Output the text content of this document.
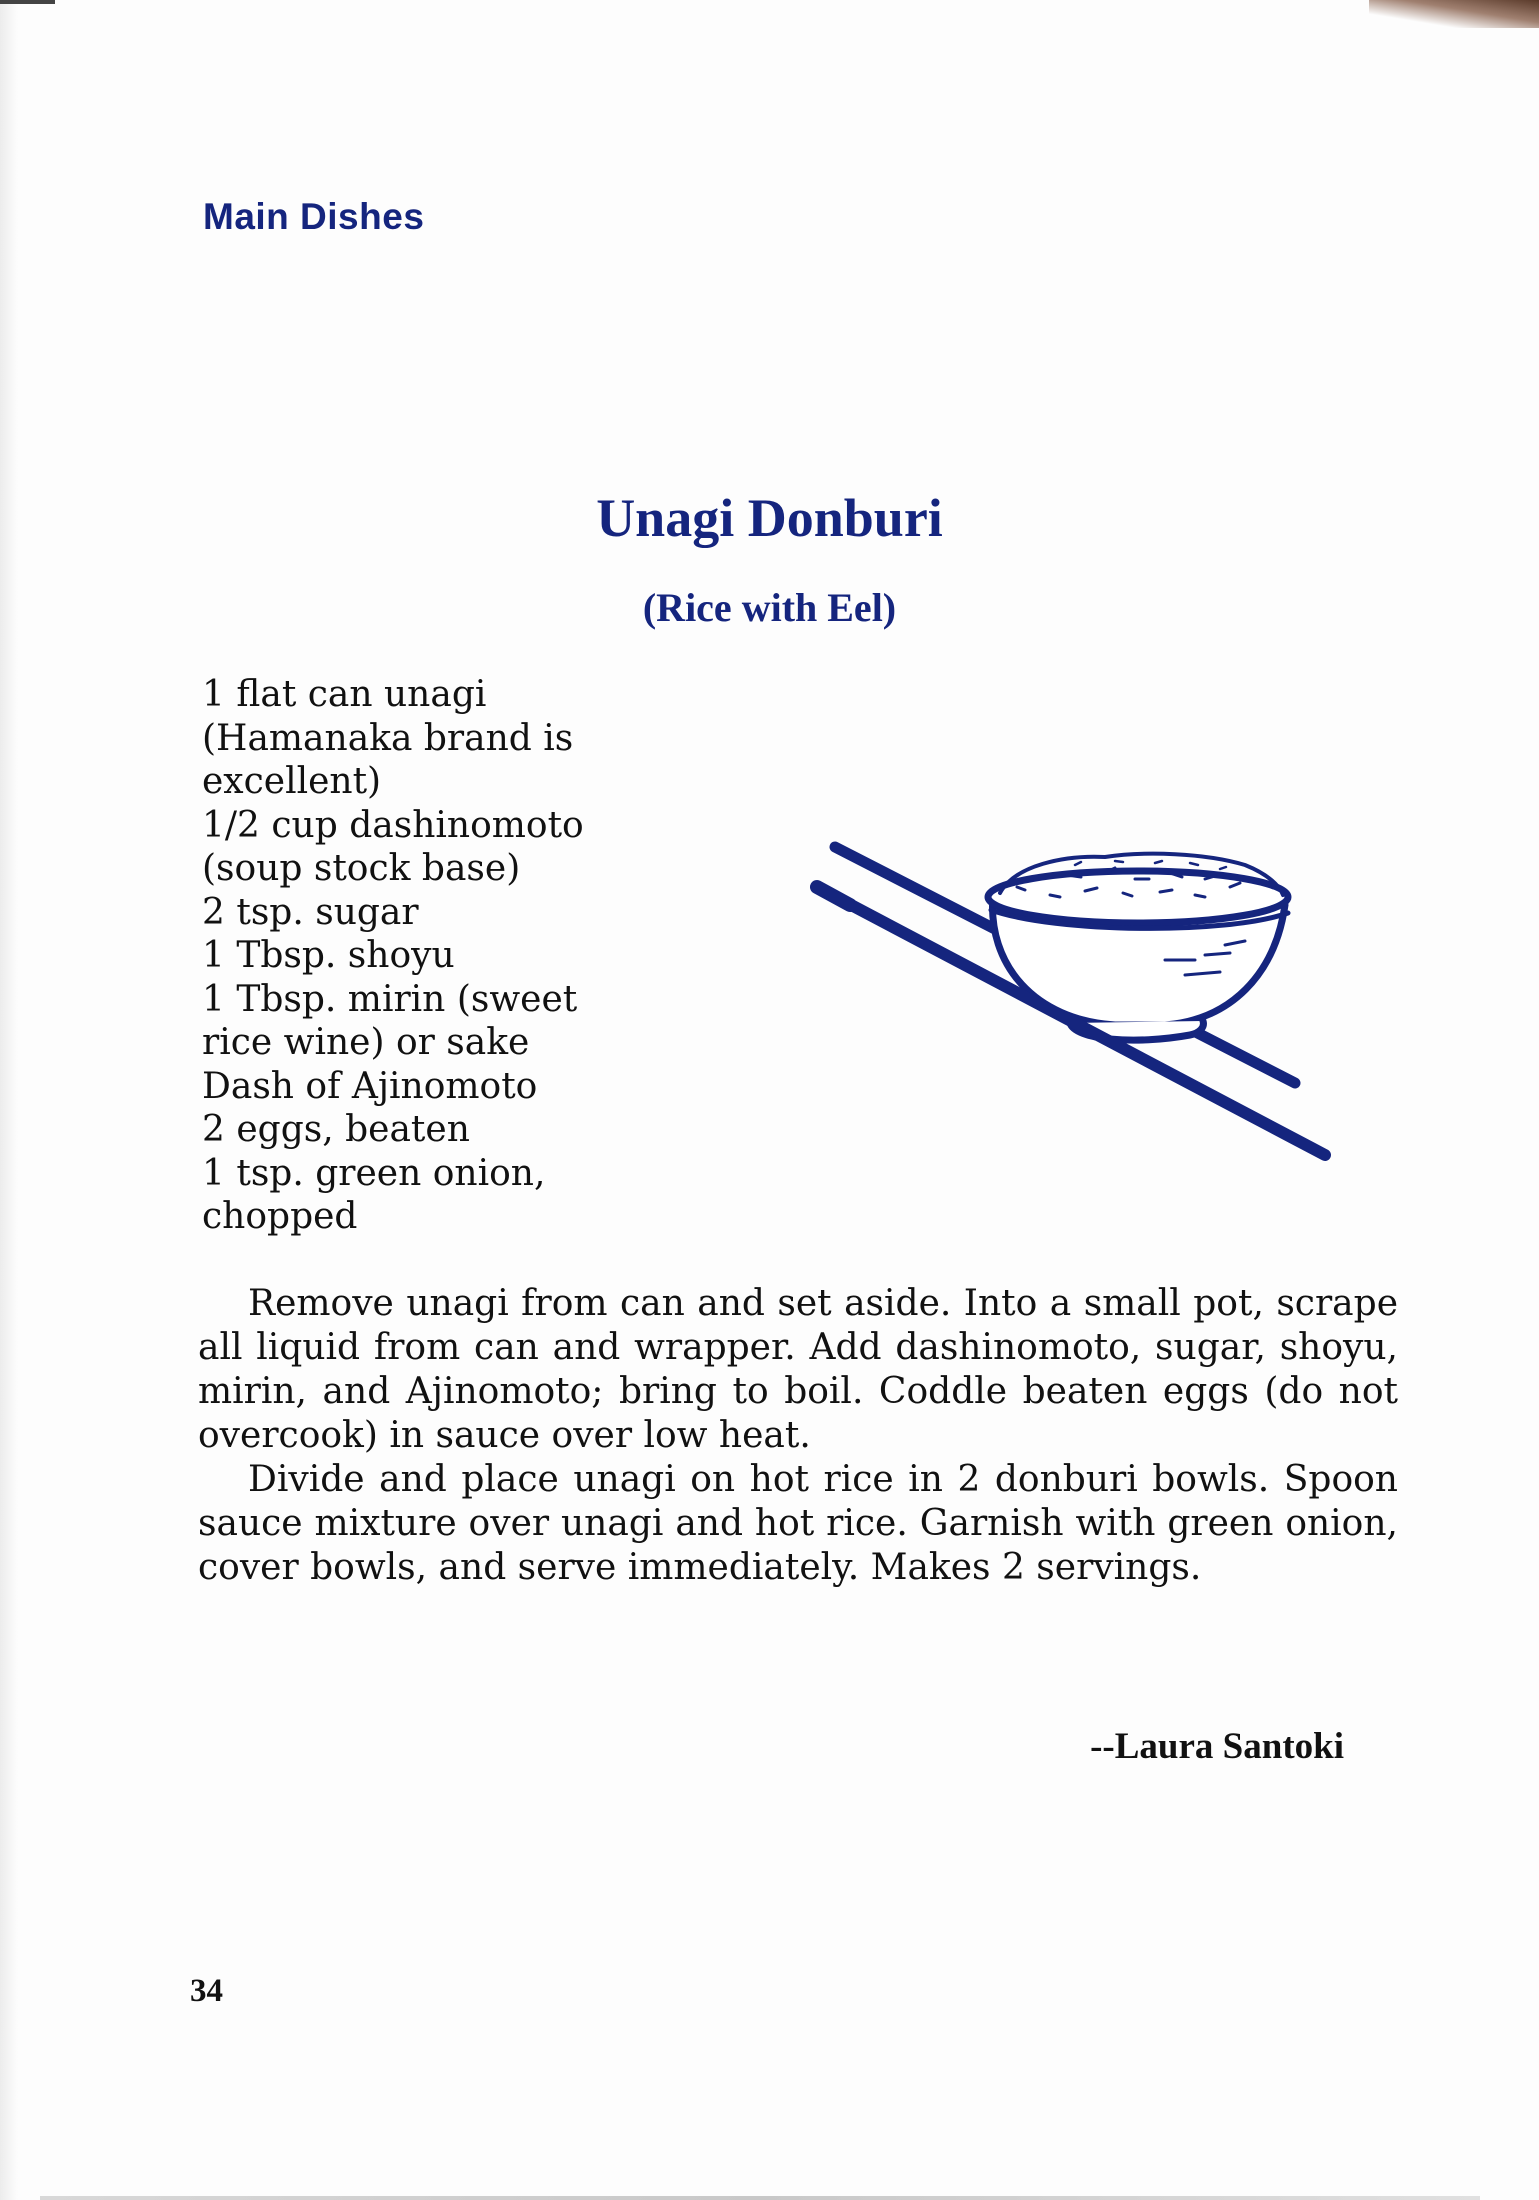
Main Dishes
Unagi Donburi
(Rice with Eel)
1 flat can unagi
(Hamanaka brand is
excellent)
1/2 cup dashinomoto
(soup stock base)
2 tsp. sugar
1 Tbsp. shoyu
1 Tbsp. mirin (sweet
rice wine) or sake
Dash of Ajinomoto
2 eggs, beaten
1 tsp. green onion,
chopped

Remove unagi from can and set aside. Into a small pot, scrape all liquid from can and wrapper. Add dashinomoto, sugar, shoyu, mirin, and Ajinomoto; bring to boil. Coddle beaten eggs (do not overcook) in sauce over low heat.

Divide and place unagi on hot rice in 2 donburi bowls. Spoon sauce mixture over unagi and hot rice. Garnish with green onion, cover bowls, and serve immediately. Makes 2 servings.

--Laura Santoki
34
